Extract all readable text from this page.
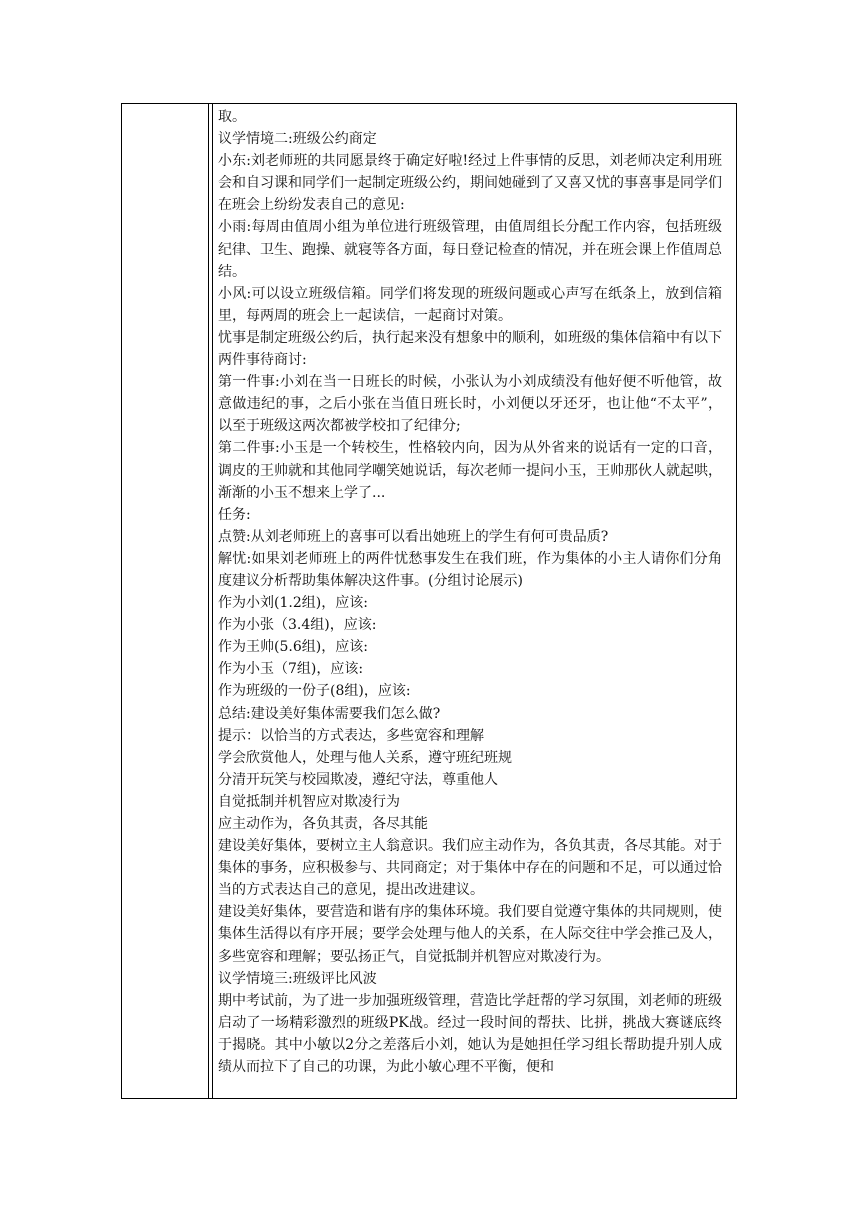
取。

议学情境二:班级公约商定

小东:刘老师班的共同愿景终于确定好啦!经过上件事情的反思，刘老师决定利用班会和自习课和同学们一起制定班级公约，期间她碰到了又喜又忧的事喜事是同学们在班会上纷纷发表自己的意见:

小雨:每周由值周小组为单位进行班级管理，由值周组长分配工作内容，包括班级纪律、卫生、跑操、就寝等各方面，每日登记检查的情况，并在班会课上作值周总结。

小风:可以设立班级信箱。同学们将发现的班级问题或心声写在纸条上，放到信箱里，每两周的班会上一起读信，一起商讨对策。

忧事是制定班级公约后，执行起来没有想象中的顺利，如班级的集体信箱中有以下两件事待商讨:

第一件事:小刘在当一日班长的时候，小张认为小刘成绩没有他好便不听他管，故意做违纪的事，之后小张在当值日班长时，小刘便以牙还牙，也让他“不太平”，以至于班级这两次都被学校扣了纪律分;

第二件事:小玉是一个转校生，性格较内向，因为从外省来的说话有一定的口音，调皮的王帅就和其他同学嘲笑她说话，每次老师一提问小玉，王帅那伙人就起哄，渐渐的小玉不想来上学了...

任务:

点赞:从刘老师班上的喜事可以看出她班上的学生有何可贵品质?

解忧:如果刘老师班上的两件忧愁事发生在我们班，作为集体的小主人请你们分角度建议分析帮助集体解决这件事。(分组讨论展示)

作为小刘(1.2组)，应该:

作为小张（3.4组)，应该:

作为王帅(5.6组)，应该:

作为小玉（7组)，应该:

作为班级的一份子(8组)，应该:

总结:建设美好集体需要我们怎么做?

提示：以恰当的方式表达，多些宽容和理解

学会欣赏他人，处理与他人关系，遵守班纪班规

分清开玩笑与校园欺凌，遵纪守法，尊重他人

自觉抵制并机智应对欺凌行为

应主动作为，各负其责，各尽其能

建设美好集体，要树立主人翁意识。我们应主动作为，各负其责，各尽其能。对于集体的事务，应积极参与、共同商定；对于集体中存在的问题和不足，可以通过恰当的方式表达自己的意见，提出改进建议。

建设美好集体，要营造和谐有序的集体环境。我们要自觉遵守集体的共同规则，使集体生活得以有序开展；要学会处理与他人的关系，在人际交往中学会推己及人，多些宽容和理解；要弘扬正气，自觉抵制并机智应对欺凌行为。

议学情境三:班级评比风波

期中考试前，为了进一步加强班级管理，营造比学赶帮的学习氛围，刘老师的班级启动了一场精彩激烈的班级PK战。经过一段时间的帮扶、比拼，挑战大赛谜底终于揭晓。其中小敏以2分之差落后小刘，她认为是她担任学习组长帮助提升别人成绩从而拉下了自己的功课，为此小敏心理不平衡，便和
